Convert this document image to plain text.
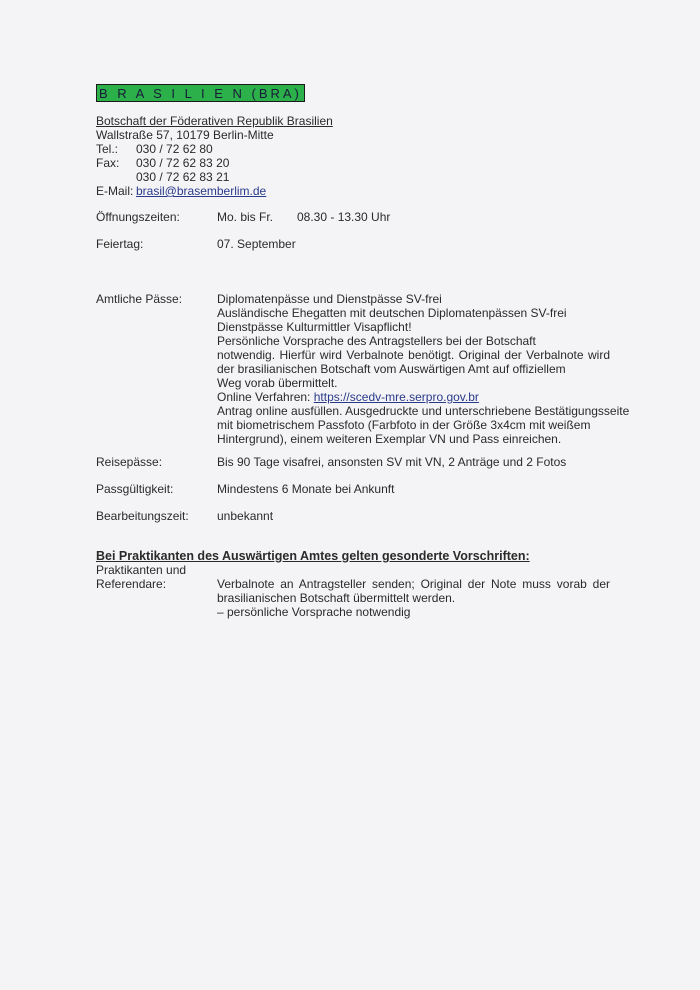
B R A S I L I E N (BRA)
Botschaft der Föderativen Republik Brasilien
Wallstraße 57, 10179 Berlin-Mitte
Tel.: 030 / 72 62 80
Fax: 030 / 72 62 83 20
030 / 72 62 83 21
E-Mail: brasil@brasemberlim.de
Öffnungszeiten:	Mo. bis Fr. 08.30 - 13.30 Uhr
Feiertag:	07. September
Amtliche Pässe:	Diplomatenpässe und Dienstpässe SV-frei
Ausländische Ehegatten mit deutschen Diplomatenpässen SV-frei
Dienstpässe Kulturmittler Visapflicht!
Persönliche Vorsprache des Antragstellers bei der Botschaft
notwendig. Hierfür wird Verbalnote benötigt. Original der Verbalnote wird
der brasilianischen Botschaft vom Auswärtigen Amt auf offiziellem
Weg vorab übermittelt.
Online Verfahren: https://scedv-mre.serpro.gov.br
Antrag online ausfüllen. Ausgedruckte und unterschriebene Bestätigungsseite
mit biometrischem Passfoto (Farbfoto in der Größe 3x4cm mit weißem
Hintergrund), einem weiteren Exemplar VN und Pass einreichen.
Reisepässe:	Bis 90 Tage visafrei, ansonsten SV mit VN, 2 Anträge und 2 Fotos
Passgültigkeit:	Mindestens 6 Monate bei Ankunft
Bearbeitungszeit: unbekannt
Bei Praktikanten des Auswärtigen Amtes gelten gesonderte Vorschriften:
Praktikanten und
Referendare:	Verbalnote an Antragsteller senden; Original der Note muss vorab der
brasilianischen Botschaft übermittelt werden.
– persönliche Vorsprache notwendig
